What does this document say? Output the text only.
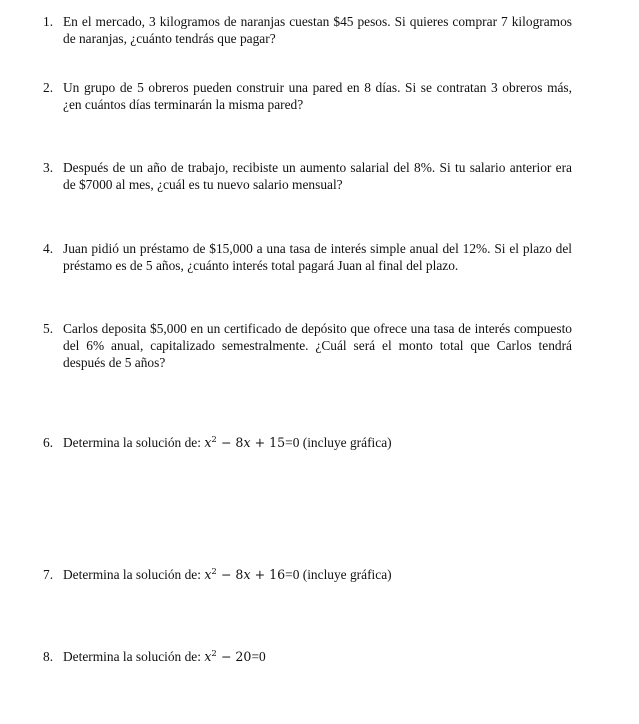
1. En el mercado, 3 kilogramos de naranjas cuestan $45 pesos. Si quieres comprar 7 kilogramos de naranjas, ¿cuánto tendrás que pagar?
2. Un grupo de 5 obreros pueden construir una pared en 8 días. Si se contratan 3 obreros más, ¿en cuántos días terminarán la misma pared?
3. Después de un año de trabajo, recibiste un aumento salarial del 8%. Si tu salario anterior era de $7000 al mes, ¿cuál es tu nuevo salario mensual?
4. Juan pidió un préstamo de $15,000 a una tasa de interés simple anual del 12%. Si el plazo del préstamo es de 5 años, ¿cuánto interés total pagará Juan al final del plazo.
5. Carlos deposita $5,000 en un certificado de depósito que ofrece una tasa de interés compuesto del 6% anual, capitalizado semestralmente. ¿Cuál será el monto total que Carlos tendrá después de 5 años?
6. Determina la solución de: $x^2 - 8x + 15=0$ (incluye gráfica)
7. Determina la solución de: $x^2 - 8x + 16=0$ (incluye gráfica)
8. Determina la solución de: $x^2 - 20=0$
